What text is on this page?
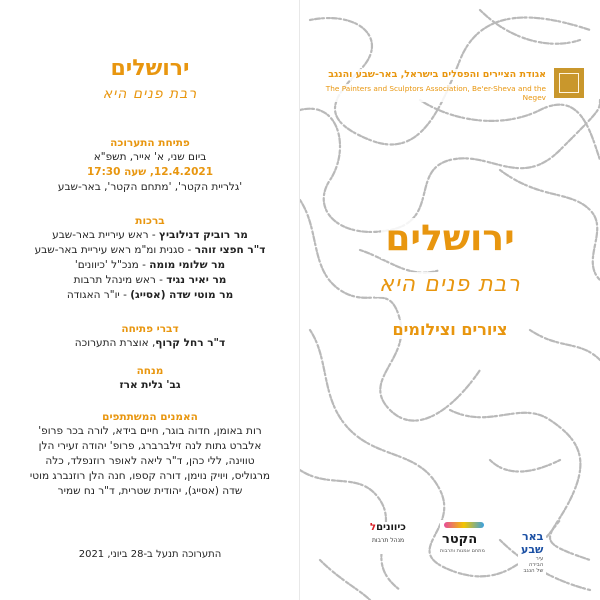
ירושלים
רבת פנים היא
פתיחת התערוכה
ביום שני, א' אייר, תשפ"א
12.4.2021, שעה 17:30
'גלריית הקטר', 'מתחם הקטר', באר-שבע
ברכות
מר רוביק דנילוביץ - ראש עיריית באר-שבע
ד"ר חפצי זוהר - סגנית ומ"מ ראש עיריית באר-שבע
מר שלומי מומה - מנכ"ל 'כיוונים'
מר יאיר נגיד - ראש מינהל תרבות
מר מוטי שדה (אסייג) - יו"ר האגודה
דברי פתיחה
ד"ר רחל קרוף, אוצרת התערוכה
מנחה
גב' גלית ארז
האמנים המשתתפים
רות באומן, חדוה בוגר, חיים בידא, לורה בכר פרופ' אלברט גתות לנה זילברברג, פרופ' יהודה זעירי הלן טווינה, ללי כהן, ד"ר ליאה לאופר רוזנפלד, כלה מרגוליס, ויויק נוימן, דורה קספו, חנה הלן רוזנברג מוטי שדה (אסייג), יהודית שטרית, ד"ר נח שמיר
התערוכה תנעל ב-28 ביוני, 2021
אגודת הציירים והפסלים בישראל, באר-שבע והנגב
The Painters and Sculptors Association, Be'er-Sheva and the Negev
ירושלים
רבת פנים היא
ציורים וצילומים
באר שבע
עיר הבירה של הנגב
הקטר
מתחם אמנות ותרבות
כיווניםל
מנהל תרבות
